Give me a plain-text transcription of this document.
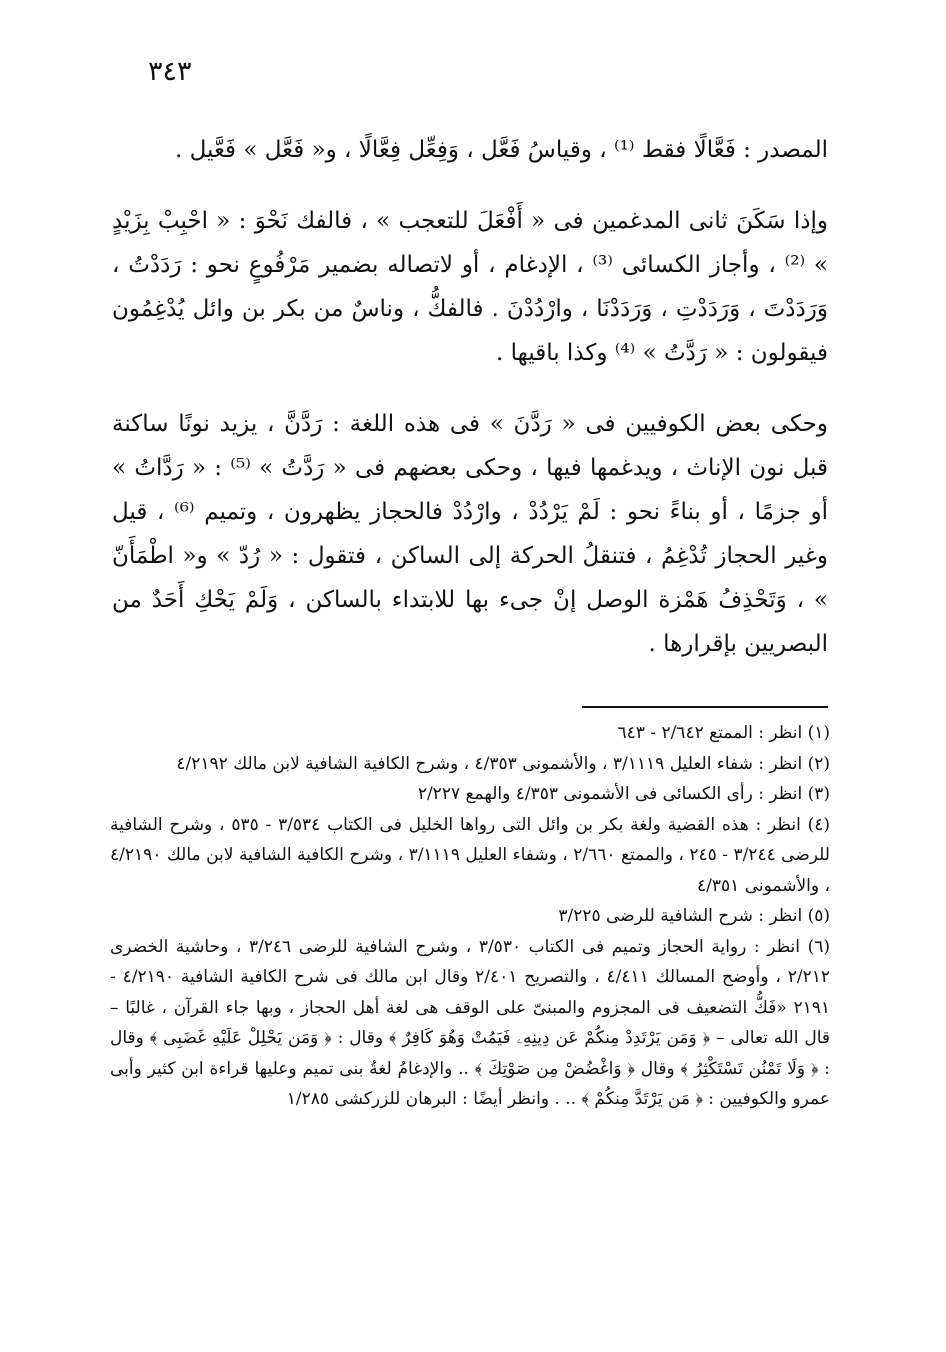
٣٤٣

المصدر : فَعَّالًا فقط ⁽¹⁾ ، وقياسُ فَعَّل ، وَفِعِّل فِعَّالًا ، و« فَعَّل » فَعَّيل .

وإذا سَكَنَ ثانى المدغمين فى « أَفْعَلَ للتعجب » ، فالفك نَحْوَ : « احْبِبْ بِزَيْدٍ » ⁽²⁾ ، وأجاز الكسائى ⁽³⁾ ، الإدغام ، أو لاتصاله بضمير مَرْفُوعٍ نحو : رَدَدْتُ ، وَرَدَدْتَ ، وَرَدَدْتِ ، وَرَدَدْنَا ، وارْدُدْنَ . فالفكُّ ، وناسٌ من بكر بن وائل يُدْغِمُون فيقولون : « رَدَّتُ » ⁽⁴⁾ وكذا باقيها .

وحكى بعض الكوفيين فى « رَدَّنَ » فى هذه اللغة : رَدَّنَّ ، يزيد نونًا ساكنة قبل نون الإناث ، ويدغمها فيها ، وحكى بعضهم فى « رَدَّتُ » ⁽⁵⁾ : « رَدَّاتُ » أو جزمًا ، أو بناءً نحو : لَمْ يَرْدُدْ ، وارْدُدْ فالحجاز يظهرون ، وتميم ⁽⁶⁾ ، قيل وغير الحجاز تُدْغِمُ ، فتنقلُ الحركة إلى الساكن ، فتقول : « رُدّ » و« اطْمَأَنّ » ، وَتَحْذِفُ هَمْزة الوصل إنْ جىء بها للابتداء بالساكن ، وَلَمْ يَحْكِ أَحَدٌ من البصريين بإقرارها .

(١) انظر : الممتع ٢/٦٤٢ - ٦٤٣

(٢) انظر : شفاء العليل ٣/١١١٩ ، والأشمونى ٤/٣٥٣ ، وشرح الكافية الشافية لابن مالك ٤/٢١٩٢

(٣) انظر : رأى الكسائى فى الأشمونى ٤/٣٥٣ والهمع ٢/٢٢٧

(٤) انظر : هذه القضية ولغة بكر بن وائل التى رواها الخليل فى الكتاب ٣/٥٣٤ - ٥٣٥ ، وشرح الشافية للرضى ٣/٢٤٤ - ٢٤٥ ، والممتع ٢/٦٦٠ ، وشفاء العليل ٣/١١١٩ ، وشرح الكافية الشافية لابن مالك ٤/٢١٩٠ ، والأشمونى ٤/٣٥١

(٥) انظر : شرح الشافية للرضى ٣/٢٢٥

(٦) انظر : رواية الحجاز وتميم فى الكتاب ٣/٥٣٠ ، وشرح الشافية للرضى ٣/٢٤٦ ، وحاشية الخضرى ٢/٢١٢ ، وأوضح المسالك ٤/٤١١ ، والتصريح ٢/٤٠١ وقال ابن مالك فى شرح الكافية الشافية ٤/٢١٩٠ - ٢١٩١ «فَكُّ التضعيف فى المجزوم والمبنىّ على الوقف هى لغة أهل الحجاز ، وبها جاء القرآن ، غالبًا – قال الله تعالى – ﴿ وَمَن يَرْتَدِدْ مِنكُمْ عَن دِينِهِۦ فَيَمُتْ وَهُوَ كَافِرٌ ﴾ وقال : ﴿ وَمَن يَحْلِلْ عَلَيْهِ غَضَبِى ﴾ وقال : ﴿ وَلَا تَمْنُن تَسْتَكْثِرُ ﴾ وقال ﴿ وَاغْضُضْ مِن صَوْتِكَ ﴾ .. والإدغامُ لغةُ بنى تميم وعليها قراءة ابن كثير وأبى عمرو والكوفيين : ﴿ مَن يَرْتَدَّ مِنكُمْ ﴾ .. . وانظر أيضًا : البرهان للزركشى ١/٢٨٥
